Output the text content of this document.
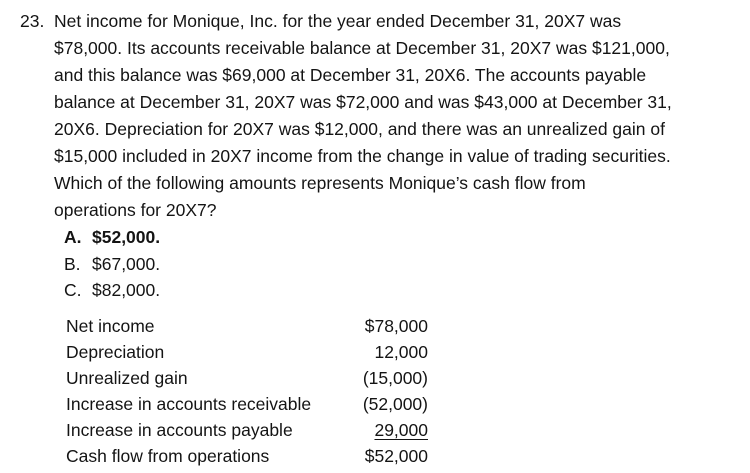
23. Net income for Monique, Inc. for the year ended December 31, 20X7 was
$78,000. Its accounts receivable balance at December 31, 20X7 was $121,000,
and this balance was $69,000 at December 31, 20X6. The accounts payable
balance at December 31, 20X7 was $72,000 and was $43,000 at December 31,
20X6. Depreciation for 20X7 was $12,000, and there was an unrealized gain of
$15,000 included in 20X7 income from the change in value of trading securities.
Which of the following amounts represents Monique’s cash flow from
operations for 20X7?

A. $52,000.
B. $67,000.
C. $82,000.
Net income	$78,000
Depreciation	12,000
Unrealized gain	(15,000)
Increase in accounts receivable	(52,000)
Increase in accounts payable	29,000
Cash flow from operations	$52,000
